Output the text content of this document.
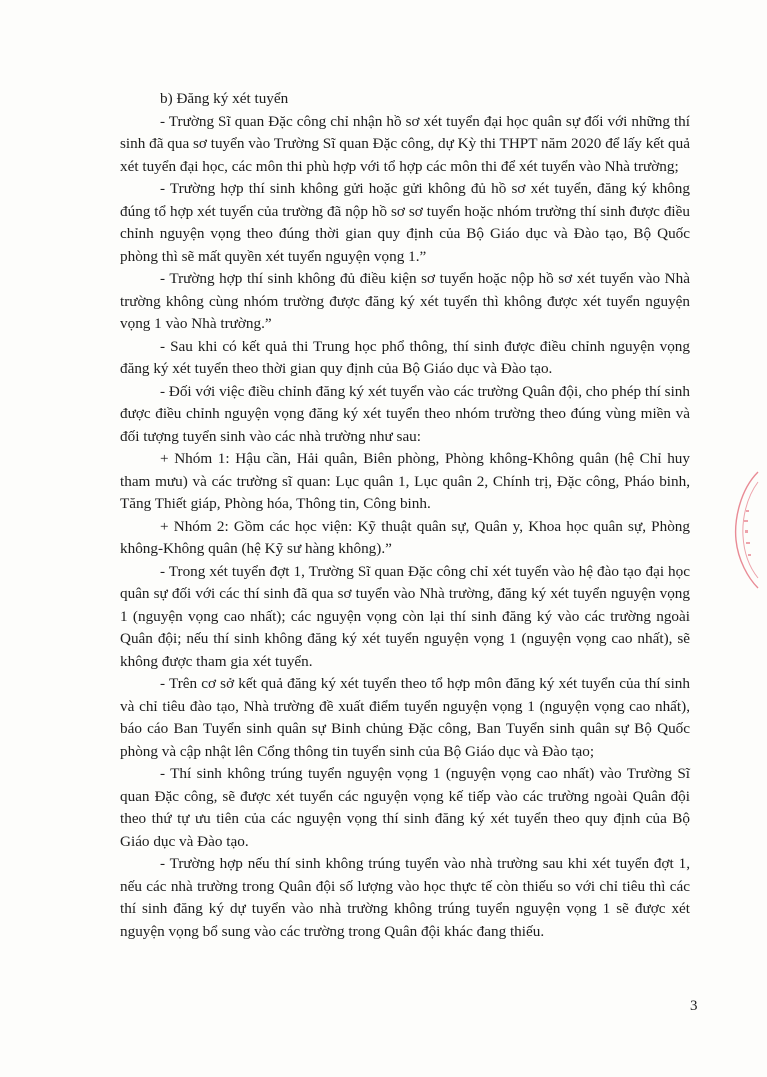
b) Đăng ký xét tuyển

- Trường Sĩ quan Đặc công chỉ nhận hồ sơ xét tuyển đại học quân sự đối với những thí sinh đã qua sơ tuyển vào Trường Sĩ quan Đặc công, dự Kỳ thi THPT năm 2020 để lấy kết quả xét tuyển đại học, các môn thi phù hợp với tổ hợp các môn thi để xét tuyển vào Nhà trường;

- Trường hợp thí sinh không gửi hoặc gửi không đủ hồ sơ xét tuyển, đăng ký không đúng tổ hợp xét tuyển của trường đã nộp hồ sơ sơ tuyển hoặc nhóm trường thí sinh được điều chỉnh nguyện vọng theo đúng thời gian quy định của Bộ Giáo dục và Đào tạo, Bộ Quốc phòng thì sẽ mất quyền xét tuyển nguyện vọng 1.”

- Trường hợp thí sinh không đủ điều kiện sơ tuyển hoặc nộp hồ sơ xét tuyển vào Nhà trường không cùng nhóm trường được đăng ký xét tuyển thì không được xét tuyển nguyện vọng 1 vào Nhà trường.”

- Sau khi có kết quả thi Trung học phổ thông, thí sinh được điều chỉnh nguyện vọng đăng ký xét tuyển theo thời gian quy định của Bộ Giáo dục và Đào tạo.

- Đối với việc điều chỉnh đăng ký xét tuyển vào các trường Quân đội, cho phép thí sinh được điều chỉnh nguyện vọng đăng ký xét tuyển theo nhóm trường theo đúng vùng miền và đối tượng tuyển sinh vào các nhà trường như sau:

+ Nhóm 1: Hậu cần, Hải quân, Biên phòng, Phòng không-Không quân (hệ Chỉ huy tham mưu) và các trường sĩ quan: Lục quân 1, Lục quân 2, Chính trị, Đặc công, Pháo binh, Tăng Thiết giáp, Phòng hóa, Thông tin, Công binh.

+ Nhóm 2: Gồm các học viện: Kỹ thuật quân sự, Quân y, Khoa học quân sự, Phòng không-Không quân (hệ Kỹ sư hàng không).”

- Trong xét tuyển đợt 1, Trường Sĩ quan Đặc công chỉ xét tuyển vào hệ đào tạo đại học quân sự đối với các thí sinh đã qua sơ tuyển vào Nhà trường, đăng ký xét tuyển nguyện vọng 1 (nguyện vọng cao nhất); các nguyện vọng còn lại thí sinh đăng ký vào các trường ngoài Quân đội; nếu thí sinh không đăng ký xét tuyển nguyện vọng 1 (nguyện vọng cao nhất), sẽ không được tham gia xét tuyển.

- Trên cơ sở kết quả đăng ký xét tuyển theo tổ hợp môn đăng ký xét tuyển của thí sinh và chỉ tiêu đào tạo, Nhà trường đề xuất điểm tuyển nguyện vọng 1 (nguyện vọng cao nhất), báo cáo Ban Tuyển sinh quân sự Binh chủng Đặc công, Ban Tuyển sinh quân sự Bộ Quốc phòng và cập nhật lên Cổng thông tin tuyển sinh của Bộ Giáo dục và Đào tạo;

- Thí sinh không trúng tuyển nguyện vọng 1 (nguyện vọng cao nhất) vào Trường Sĩ quan Đặc công, sẽ được xét tuyển các nguyện vọng kế tiếp vào các trường ngoài Quân đội theo thứ tự ưu tiên của các nguyện vọng thí sinh đăng ký xét tuyển theo quy định của Bộ Giáo dục và Đào tạo.

- Trường hợp nếu thí sinh không trúng tuyển vào nhà trường sau khi xét tuyển đợt 1, nếu các nhà trường trong Quân đội số lượng vào học thực tế còn thiếu so với chỉ tiêu thì các thí sinh đăng ký dự tuyển vào nhà trường không trúng tuyển nguyện vọng 1 sẽ được xét nguyện vọng bổ sung vào các trường trong Quân đội khác đang thiếu.

3
